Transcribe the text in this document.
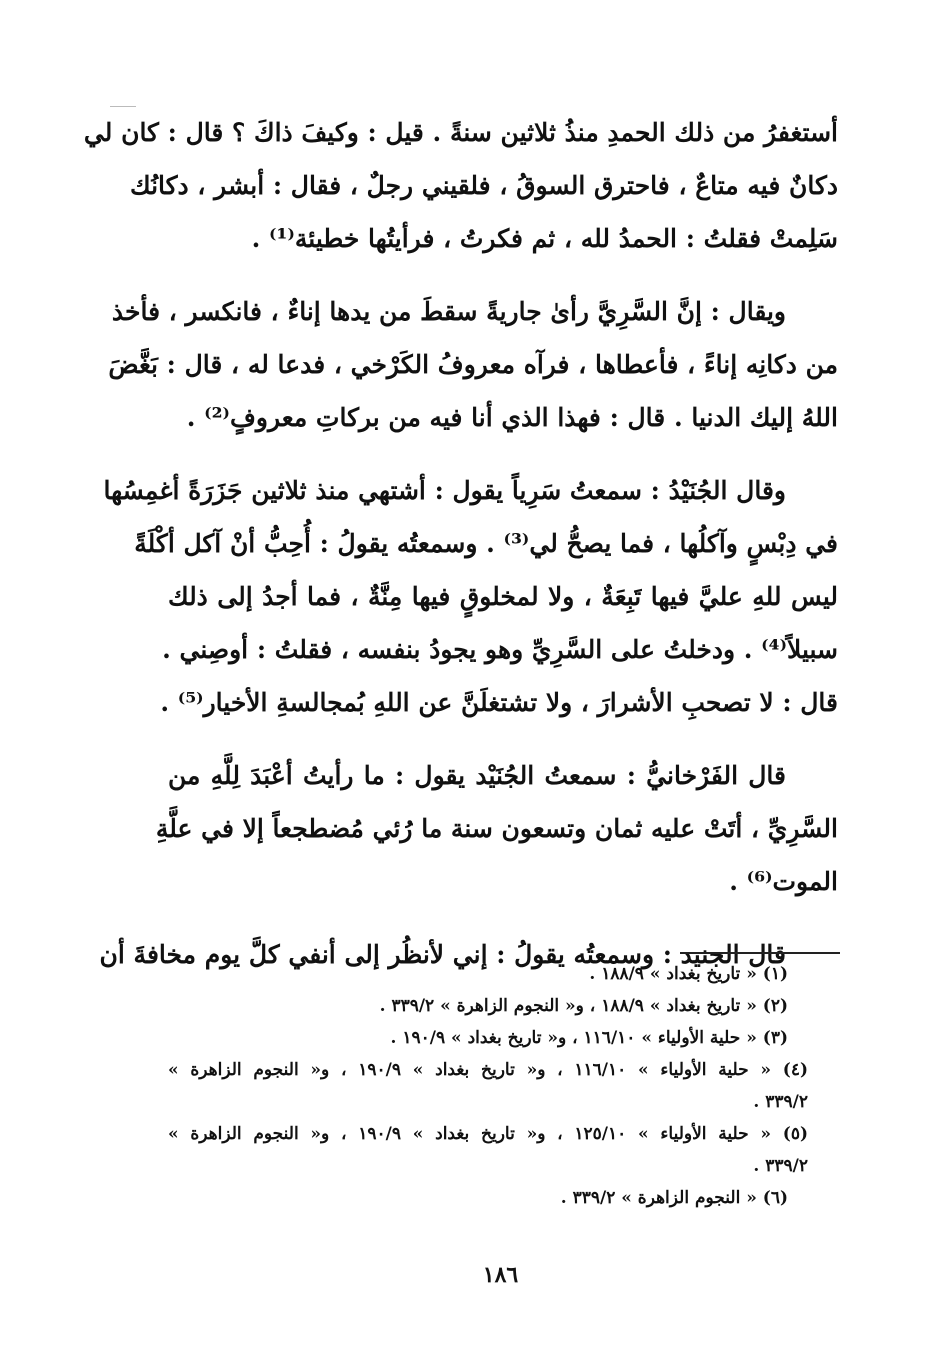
أستغفرُ من ذلك الحمدِ منذُ ثلاثين سنةً . قيل : وكيفَ ذاكَ ؟ قال : كان لي
دكانٌ فيه متاعٌ ، فاحترق السوقُ ، فلقيني رجلٌ ، فقال : أبشر ، دكانُك
سَلِمتْ فقلتُ : الحمدُ لله ، ثم فكرتُ ، فرأيتُها خطيئة⁽¹⁾ .
ويقال : إنَّ السَّرِيَّ رأىٰ جاريةً سقطَ من يدها إناءٌ ، فانكسر ، فأخذ
من دكانِه إناءً ، فأعطاها ، فرآه معروفُ الكَرْخي ، فدعا له ، قال : بَغَّضَ
اللهُ إليك الدنيا . قال : فهذا الذي أنا فيه من بركاتِ معروفٍ⁽²⁾ .
وقال الجُنَيْدُ : سمعتُ سَرِياً يقول : أشتهي منذ ثلاثين جَزَرَةً أغمِسُها
في دِبْسٍ وآكلُها ، فما يصحُّ لي⁽³⁾ . وسمعتُه يقولُ : أُحِبُّ أنْ آكل أكْلَةً
ليس للهِ عليَّ فيها تَبِعَةٌ ، ولا لمخلوقٍ فيها مِنَّةٌ ، فما أجدُ إلى ذلك
سبيلاً⁽⁴⁾ . ودخلتُ على السَّرِيِّ وهو يجودُ بنفسه ، فقلتُ : أوصِني .
قال : لا تصحبِ الأشرارَ ، ولا تشتغلَنَّ عن اللهِ بُمجالسةِ الأخيار⁽⁵⁾ .
قال الفَرْخانيُّ : سمعتُ الجُنَيْد يقول : ما رأيتُ أعْبَدَ لِلَّهِ من
السَّرِيِّ ، أتَتْ عليه ثمان وتسعون سنة ما رُئي مُضطجعاً إلا في علَّةِ
الموت⁽⁶⁾ .
قال الجنيد : وسمعتُه يقولُ : إني لأنظُر إلى أنفي كلَّ يوم مخافةَ أن
(١) « تاريخ بغداد » ١٨٨/٩ .
(٢) « تاريخ بغداد » ١٨٨/٩ ، و« النجوم الزاهرة » ٣٣٩/٢ .
(٣) « حلية الأولياء » ١١٦/١٠ ، و« تاريخ بغداد » ١٩٠/٩ .
(٤) « حلية الأولياء » ١١٦/١٠ ، و« تاريخ بغداد » ١٩٠/٩ ، و« النجوم الزاهرة »
٣٣٩/٢ .
(٥) « حلية الأولياء » ١٢٥/١٠ ، و« تاريخ بغداد » ١٩٠/٩ ، و« النجوم الزاهرة »
٣٣٩/٢ .
(٦) « النجوم الزاهرة » ٣٣٩/٢ .
١٨٦
